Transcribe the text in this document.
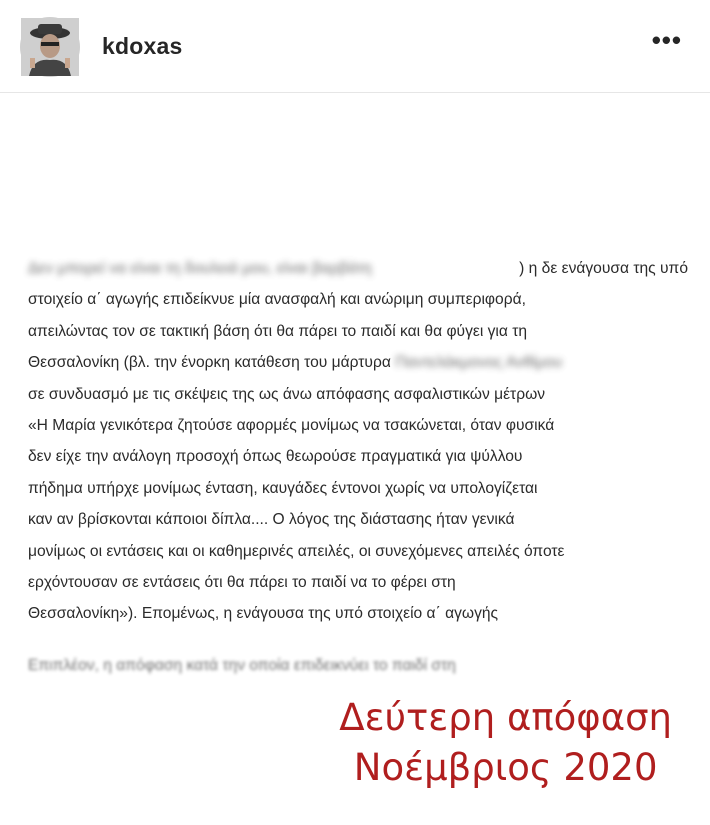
kdoxas	•••
Δεν μπορεί να είναι τη δουλειά μου, είναι βαρβάτη	) η δε ενάγουσα της υπό
στοιχείο α΄ αγωγής επιδείκνυε μία ανασφαλή και ανώριμη συμπεριφορά,
απειλώντας τον σε τακτική βάση ότι θα πάρει το παιδί και θα φύγει για τη
Θεσσαλονίκη (βλ. την ένορκη κατάθεση του μάρτυρα
Παντελάκμονος Ανθίμου
σε συνδυασμό με τις σκέψεις της ως άνω απόφασης ασφαλιστικών μέτρων
«Η Μαρία γενικότερα ζητούσε αφορμές μονίμως να τσακώνεται, όταν φυσικά
δεν είχε την ανάλογη προσοχή όπως θεωρούσε πραγματικά για ψύλλου
πήδημα υπήρχε μονίμως ένταση, καυγάδες έντονοι χωρίς να υπολογίζεται
καν αν βρίσκονται κάποιοι δίπλα.... Ο λόγος της διάστασης ήταν γενικά
μονίμως οι εντάσεις και οι καθημερινές απειλές, οι συνεχόμενες απειλές όποτε
ερχόντουσαν σε εντάσεις ότι θα πάρει το παιδί να το φέρει στη
Θεσσαλονίκη»). Επομένως, η ενάγουσα της υπό στοιχείο α΄ αγωγής
Επιπλέον, η απόφαση κατά την οποία επιδεικνύει το παιδί στη
Δεύτερη απόφαση
Νοέμβριος 2020
